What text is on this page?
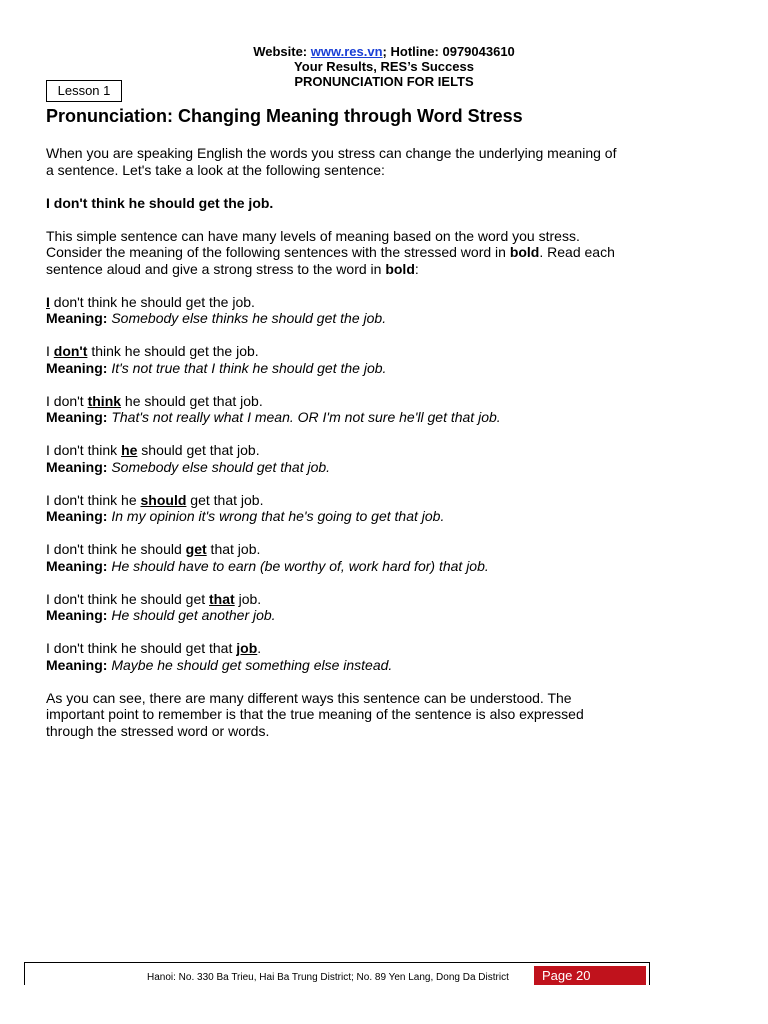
Website: www.res.vn; Hotline: 0979043610
Your Results, RES’s Success
PRONUNCIATION FOR IELTS
Lesson 1
Pronunciation: Changing Meaning through Word Stress

When you are speaking English the words you stress can change the underlying meaning of
a sentence. Let's take a look at the following sentence:

I don't think he should get the job.

This simple sentence can have many levels of meaning based on the word you stress.
Consider the meaning of the following sentences with the stressed word in bold. Read each
sentence aloud and give a strong stress to the word in bold:

I don't think he should get the job.
Meaning: Somebody else thinks he should get the job.

I don't think he should get the job.
Meaning: It's not true that I think he should get the job.

I don't think he should get that job.
Meaning: That's not really what I mean. OR I'm not sure he'll get that job.

I don't think he should get that job.
Meaning: Somebody else should get that job.

I don't think he should get that job.
Meaning: In my opinion it's wrong that he's going to get that job.

I don't think he should get that job.
Meaning: He should have to earn (be worthy of, work hard for) that job.

I don't think he should get that job.
Meaning: He should get another job.

I don't think he should get that job.
Meaning: Maybe he should get something else instead.

As you can see, there are many different ways this sentence can be understood. The
important point to remember is that the true meaning of the sentence is also expressed
through the stressed word or words.

Hanoi: No. 330 Ba Trieu, Hai Ba Trung District; No. 89 Yen Lang, Dong Da District	Page 20
